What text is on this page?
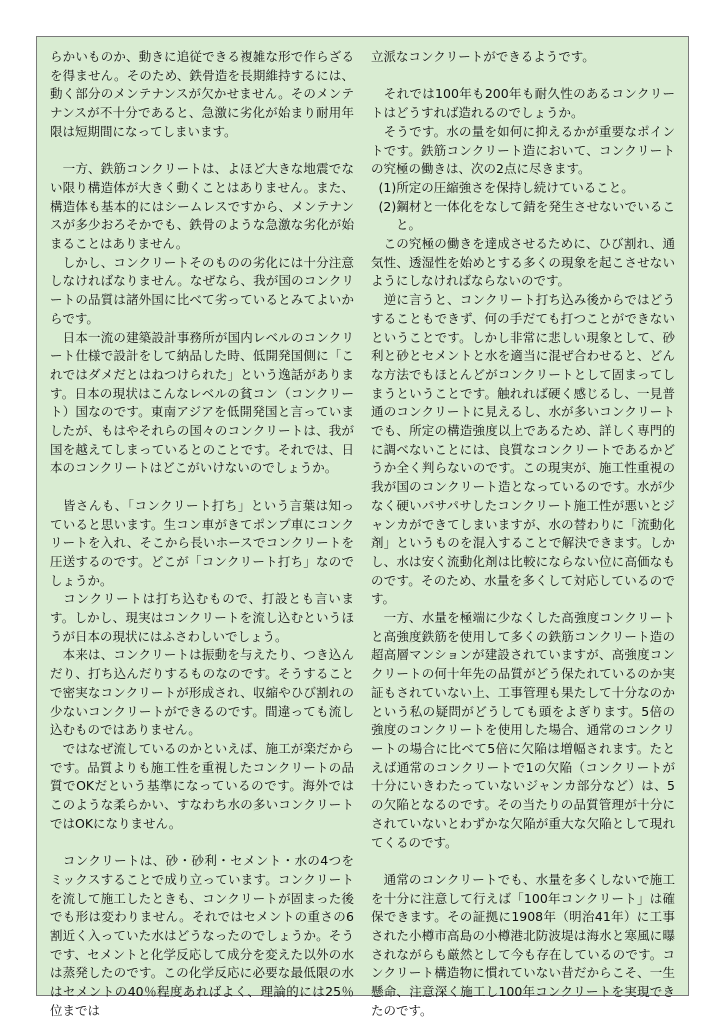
らかいものか、動きに追従できる複雑な形で作らざるを得ません。そのため、鉄骨造を長期維持するには、動く部分のメンテナンスが欠かせません。そのメンテナンスが不十分であると、急激に劣化が始まり耐用年限は短期間になってしまいます。

　一方、鉄筋コンクリートは、よほど大きな地震でない限り構造体が大きく動くことはありません。また、構造体も基本的にはシームレスですから、メンテナンスが多少おろそかでも、鉄骨のような急激な劣化が始まることはありません。

　しかし、コンクリートそのものの劣化には十分注意しなければなりません。なぜなら、我が国のコンクリートの品質は諸外国に比べて劣っているとみてよいからです。

　日本一流の建築設計事務所が国内レベルのコンクリート仕様で設計をして納品した時、低開発国側に「これではダメだとはねつけられた」という逸話があります。日本の現状はこんなレベルの貧コン（コンクリート）国なのです。東南アジアを低開発国と言っていましたが、もはやそれらの国々のコンクリートは、我が国を越えてしまっているとのことです。それでは、日本のコンクリートはどこがいけないのでしょうか。

　皆さんも、「コンクリート打ち」という言葉は知っていると思います。生コン車がきてポンプ車にコンクリートを入れ、そこから長いホースでコンクリートを圧送するのです。どこが「コンクリート打ち」なのでしょうか。

　コンクリートは打ち込むもので、打設とも言います。しかし、現実はコンクリートを流し込むというほうが日本の現状にはふさわしいでしょう。

　本来は、コンクリートは振動を与えたり、つき込んだり、打ち込んだりするものなのです。そうすることで密実なコンクリートが形成され、収縮やひび割れの少ないコンクリートができるのです。間違っても流し込むものではありません。

　ではなぜ流しているのかといえば、施工が楽だからです。品質よりも施工性を重視したコンクリートの品質でOKだという基準になっているのです。海外ではこのような柔らかい、すなわち水の多いコンクリートではOKになりません。

　コンクリートは、砂・砂利・セメント・水の4つをミックスすることで成り立っています。コンクリートを流して施工したときも、コンクリートが固まった後でも形は変わりません。それではセメントの重さの6割近く入っていた水はどうなったのでしょうか。そうです、セメントと化学反応して成分を変えた以外の水は蒸発したのです。この化学反応に必要な最低限の水はセメントの40％程度あればよく、理論的には25％位までは

立派なコンクリートができるようです。

　それでは100年も200年も耐久性のあるコンクリートはどうすれば造れるのでしょうか。

　そうです。水の量を如何に抑えるかが重要なポイントです。鉄筋コンクリート造において、コンクリートの究極の働きは、次の2点に尽きます。

(1)所定の圧縮強さを保持し続けていること。

(2)鋼材と一体化をなして錆を発生させないでいること。

　この究極の働きを達成させるために、ひび割れ、通気性、透湿性を始めとする多くの現象を起こさせないようにしなければならないのです。

　逆に言うと、コンクリート打ち込み後からではどうすることもできず、何の手だても打つことができないということです。しかし非常に悲しい現象として、砂利と砂とセメントと水を適当に混ぜ合わせると、どんな方法でもほとんどがコンクリートとして固まってしまうということです。触れれば硬く感じるし、一見普通のコンクリートに見えるし、水が多いコンクリートでも、所定の構造強度以上であるため、詳しく専門的に調べないことには、良質なコンクリートであるかどうか全く判らないのです。この現実が、施工性重視の我が国のコンクリート造となっているのです。水が少なく硬いパサパサしたコンクリート施工性が悪いとジャンカができてしまいますが、水の替わりに「流動化剤」というものを混入することで解決できます。しかし、水は安く流動化剤は比較にならない位に高価なものです。そのため、水量を多くして対応しているのです。

　一方、水量を極端に少なくした高強度コンクリートと高強度鉄筋を使用して多くの鉄筋コンクリート造の超高層マンションが建設されていますが、高強度コンクリートの何十年先の品質がどう保たれているのか実証もされていない上、工事管理も果たして十分なのかという私の疑問がどうしても頭をよぎります。5倍の強度のコンクリートを使用した場合、通常のコンクリートの場合に比べて5倍に欠陥は増幅されます。たとえば通常のコンクリートで1の欠陥（コンクリートが十分にいきわたっていないジャンカ部分など）は、5の欠陥となるのです。その当たりの品質管理が十分にされていないとわずかな欠陥が重大な欠陥として現れてくるのです。

　通常のコンクリートでも、水量を多くしないで施工を十分に注意して行えば「100年コンクリート」は確保できます。その証拠に1908年（明治41年）に工事された小樽市高島の小樽港北防波堤は海水と寒風に曝されながらも厳然として今も存在しているのです。コンクリート構造物に慣れていない昔だからこそ、一生懸命、注意深く施工し100年コンクリートを実現できたのです。
